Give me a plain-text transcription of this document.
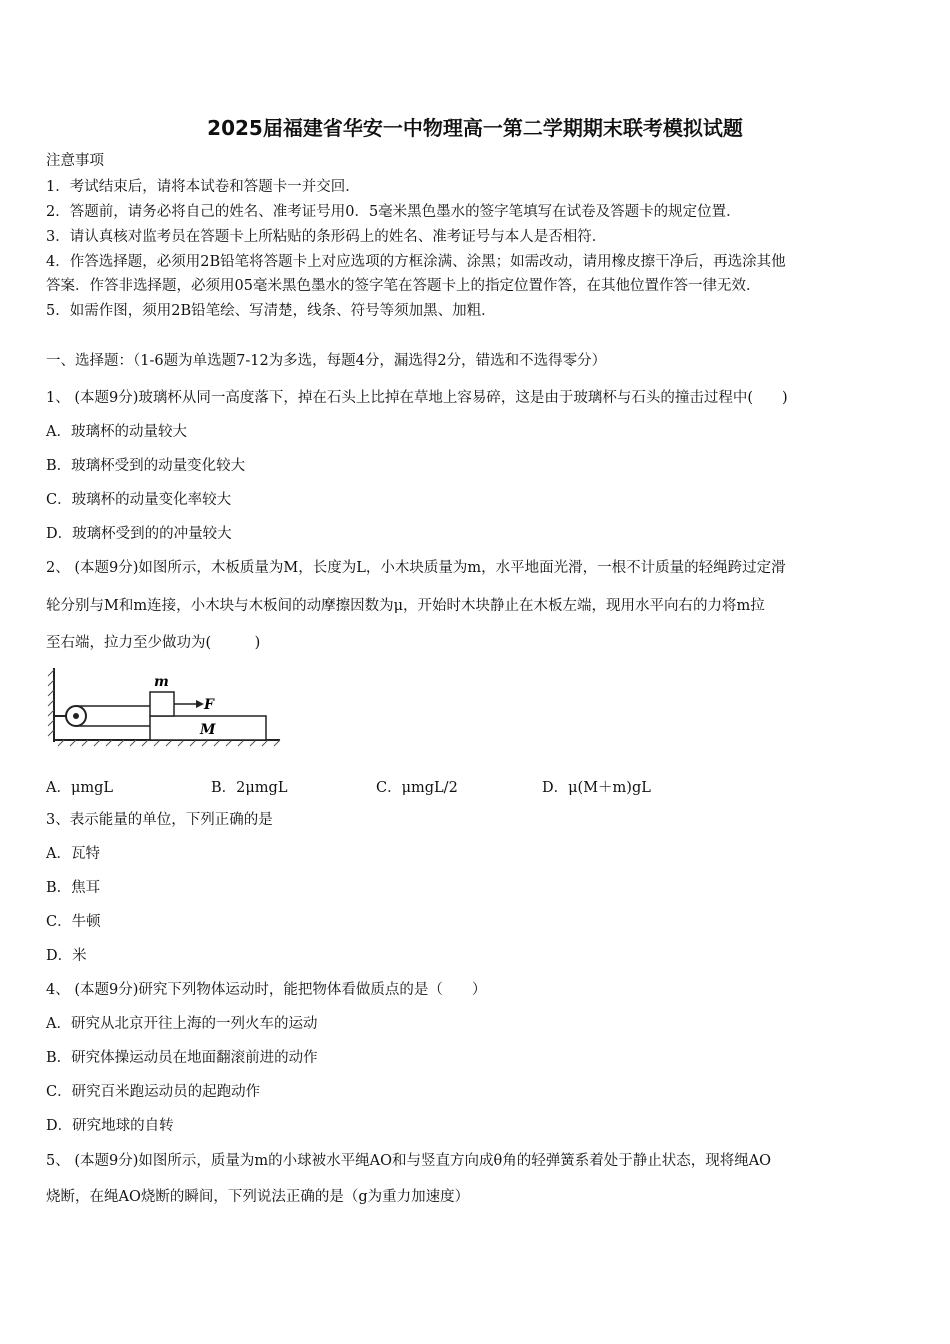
2025届福建省华安一中物理高一第二学期期末联考模拟试题
注意事项
1．考试结束后，请将本试卷和答题卡一并交回．
2．答题前，请务必将自己的姓名、准考证号用0．5毫米黑色墨水的签字笔填写在试卷及答题卡的规定位置．
3．请认真核对监考员在答题卡上所粘贴的条形码上的姓名、准考证号与本人是否相符．
4．作答选择题，必须用2B铅笔将答题卡上对应选项的方框涂满、涂黑；如需改动，请用橡皮擦干净后，再选涂其他
答案．作答非选择题，必须用05毫米黑色墨水的签字笔在答题卡上的指定位置作答，在其他位置作答一律无效．
5．如需作图，须用2B铅笔绘、写清楚，线条、符号等须加黑、加粗．
一、选择题：（1-6题为单选题7-12为多选，每题4分，漏选得2分，错选和不选得零分）
1、 (本题9分)玻璃杯从同一高度落下，掉在石头上比掉在草地上容易碎，这是由于玻璃杯与石头的撞击过程中(　　)
A．玻璃杯的动量较大
B．玻璃杯受到的动量变化较大
C．玻璃杯的动量变化率较大
D．玻璃杯受到的的冲量较大
2、 (本题9分)如图所示，木板质量为M，长度为L，小木块质量为m，水平地面光滑，一根不计质量的轻绳跨过定滑
轮分别与M和m连接，小木块与木板间的动摩擦因数为μ，开始时木块静止在木板左端，现用水平向右的力将m拉
至右端，拉力至少做功为(　　　)
m
F
M
A．μmgL	B．2μmgL	C．μmgL/2	D．μ(M＋m)gL
3、表示能量的单位，下列正确的是
A．瓦特
B．焦耳
C．牛顿
D．米
4、 (本题9分)研究下列物体运动时，能把物体看做质点的是（　　）
A．研究从北京开往上海的一列火车的运动
B．研究体操运动员在地面翻滚前进的动作
C．研究百米跑运动员的起跑动作
D．研究地球的自转
5、 (本题9分)如图所示，质量为m的小球被水平绳AO和与竖直方向成θ角的轻弹簧系着处于静止状态，现将绳AO
烧断，在绳AO烧断的瞬间，下列说法正确的是（g为重力加速度）
